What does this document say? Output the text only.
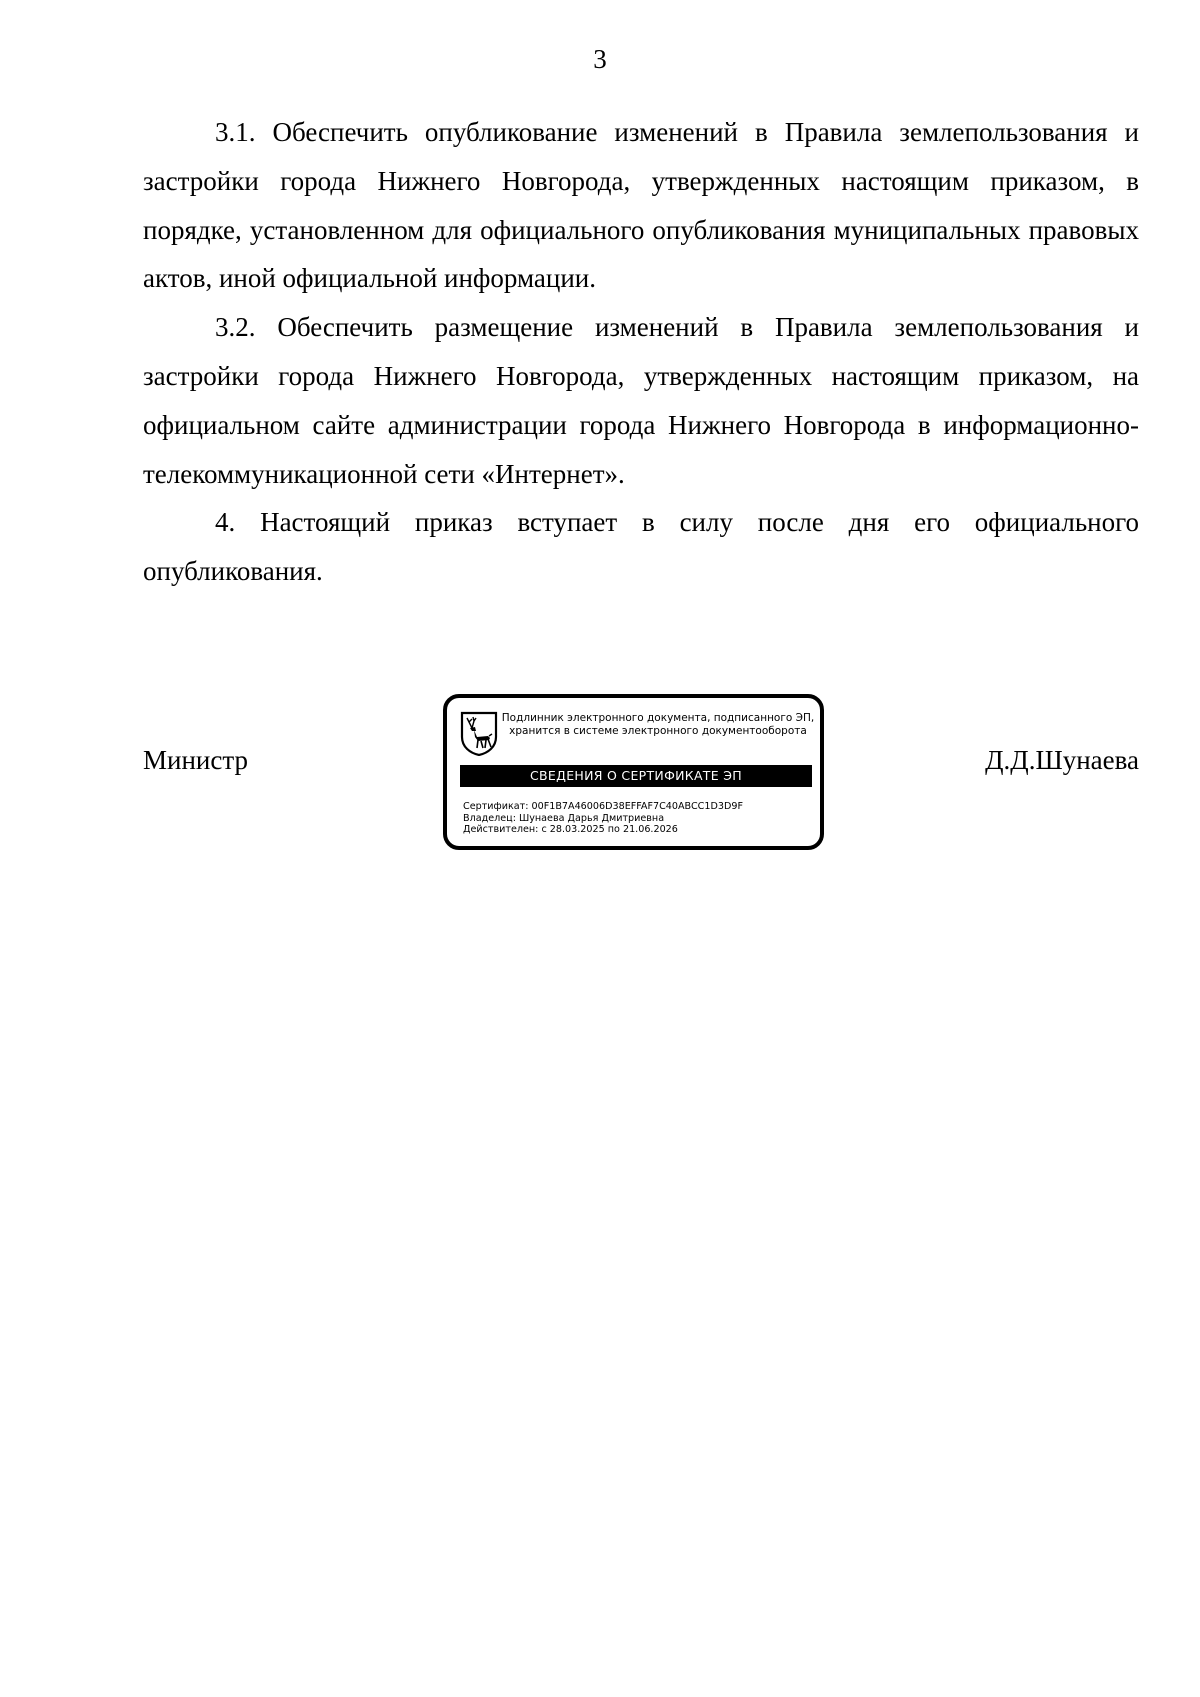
3

3.1. Обеспечить опубликование изменений в Правила землепользования и застройки города Нижнего Новгорода, утвержденных настоящим приказом, в порядке, установленном для официального опубликования муниципальных правовых актов, иной официальной информации.

3.2. Обеспечить размещение изменений в Правила землепользования и застройки города Нижнего Новгорода, утвержденных настоящим приказом, на официальном сайте администрации города Нижнего Новгорода в информационно-телекоммуникационной сети «Интернет».

4. Настоящий приказ вступает в силу после дня его официального опубликования.

Министр	Д.Д.Шунаева
Подлинник электронного документа, подписанного ЭП,
хранится в системе электронного документооборота
СВЕДЕНИЯ О СЕРТИФИКАТЕ ЭП
Сертификат: 00F1B7A46006D38EFFAF7C40ABCC1D3D9F
Владелец: Шунаева Дарья Дмитриевна
Действителен: с 28.03.2025 по 21.06.2026
